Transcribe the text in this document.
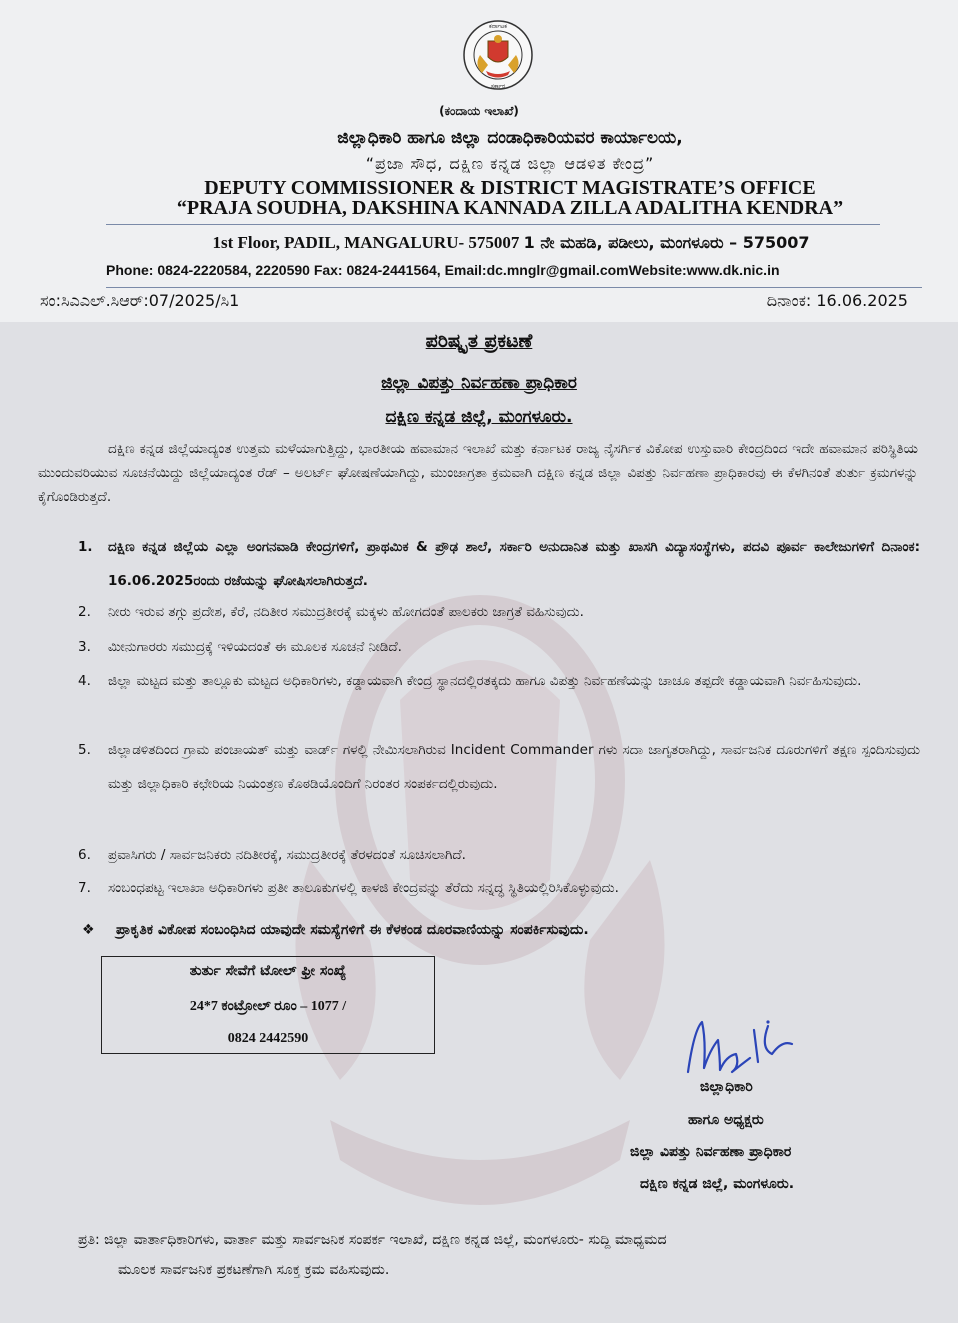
ಕರ್ನಾಟಕ
ಸರ್ಕಾರ
(ಕಂದಾಯ ಇಲಾಖೆ)
ಜಿಲ್ಲಾಧಿಕಾರಿ ಹಾಗೂ ಜಿಲ್ಲಾ ದಂಡಾಧಿಕಾರಿಯವರ ಕಾರ್ಯಾಲಯ,
“ಪ್ರಜಾ ಸೌಧ, ದಕ್ಷಿಣ ಕನ್ನಡ ಜಿಲ್ಲಾ ಆಡಳಿತ ಕೇಂದ್ರ”
DEPUTY COMMISSIONER & DISTRICT MAGISTRATE’S OFFICE
“PRAJA SOUDHA, DAKSHINA KANNADA ZILLA ADALITHA KENDRA”
1st Floor, PADIL, MANGALURU- 575007 1 ನೇ ಮಹಡಿ, ಪಡೀಲು, ಮಂಗಳೂರು – 575007
Phone: 0824-2220584, 2220590 Fax: 0824-2441564, Email:dc.mnglr@gmail.comWebsite:www.dk.nic.in
ಸಂ:ಸಿಎಎಲ್.ಸಿಆರ್:07/2025/ಸಿ1	ದಿನಾಂಕ: 16.06.2025
ಪರಿಷ್ಕೃತ ಪ್ರಕಟಣೆ
ಜಿಲ್ಲಾ ವಿಪತ್ತು ನಿರ್ವಹಣಾ ಪ್ರಾಧಿಕಾರ
ದಕ್ಷಿಣ ಕನ್ನಡ ಜಿಲ್ಲೆ, ಮಂಗಳೂರು.

ದಕ್ಷಿಣ ಕನ್ನಡ ಜಿಲ್ಲೆಯಾದ್ಯಂತ ಉತ್ತಮ ಮಳೆಯಾಗುತ್ತಿದ್ದು, ಭಾರತೀಯ ಹವಾಮಾನ ಇಲಾಖೆ ಮತ್ತು ಕರ್ನಾಟಕ ರಾಜ್ಯ ನೈಸರ್ಗಿಕ ವಿಕೋಪ ಉಸ್ತುವಾರಿ ಕೇಂದ್ರದಿಂದ ಇದೇ ಹವಾಮಾನ ಪರಿಸ್ಥಿತಿಯ ಮುಂದುವರಿಯುವ ಸೂಚನೆಯಿದ್ದು ಜಿಲ್ಲೆಯಾದ್ಯಂತ ರೆಡ್ – ಅಲರ್ಟ್ ಘೋಷಣೆಯಾಗಿದ್ದು, ಮುಂಜಾಗ್ರತಾ ಕ್ರಮವಾಗಿ ದಕ್ಷಿಣ ಕನ್ನಡ ಜಿಲ್ಲಾ ವಿಪತ್ತು ನಿರ್ವಹಣಾ ಪ್ರಾಧಿಕಾರವು ಈ ಕೆಳಗಿನಂತೆ ತುರ್ತು ಕ್ರಮಗಳನ್ನು ಕೈಗೊಂಡಿರುತ್ತದೆ.

1. ದಕ್ಷಿಣ ಕನ್ನಡ ಜಿಲ್ಲೆಯ ಎಲ್ಲಾ ಅಂಗನವಾಡಿ ಕೇಂದ್ರಗಳಿಗೆ, ಪ್ರಾಥಮಿಕ & ಪ್ರೌಢ ಶಾಲೆ, ಸರ್ಕಾರಿ ಅನುದಾನಿತ ಮತ್ತು ಖಾಸಗಿ ವಿದ್ಯಾಸಂಸ್ಥೆಗಳು, ಪದವಿ ಪೂರ್ವ ಕಾಲೇಜುಗಳಿಗೆ ದಿನಾಂಕ: 16.06.2025ರಂದು ರಜೆಯನ್ನು ಘೋಷಿಸಲಾಗಿರುತ್ತದೆ.
2. ನೀರು ಇರುವ ತಗ್ಗು ಪ್ರದೇಶ, ಕೆರೆ, ನದಿತೀರ ಸಮುದ್ರತೀರಕ್ಕೆ ಮಕ್ಕಳು ಹೋಗದಂತೆ ಪಾಲಕರು ಜಾಗ್ರತೆ ವಹಿಸುವುದು.
3. ಮೀನುಗಾರರು ಸಮುದ್ರಕ್ಕೆ ಇಳಿಯದಂತೆ ಈ ಮೂಲಕ ಸೂಚನೆ ನೀಡಿದೆ.
4. ಜಿಲ್ಲಾ ಮಟ್ಟದ ಮತ್ತು ತಾಲ್ಲೂಕು ಮಟ್ಟದ ಅಧಿಕಾರಿಗಳು, ಕಡ್ಡಾಯವಾಗಿ ಕೇಂದ್ರ ಸ್ಥಾನದಲ್ಲಿರತಕ್ಕದು ಹಾಗೂ ವಿಪತ್ತು ನಿರ್ವಹಣೆಯನ್ನು ಚಾಚೂ ತಪ್ಪದೇ ಕಡ್ಡಾಯವಾಗಿ ನಿರ್ವಹಿಸುವುದು.
5. ಜಿಲ್ಲಾಡಳಿತದಿಂದ ಗ್ರಾಮ ಪಂಚಾಯತ್ ಮತ್ತು ವಾರ್ಡ್ ಗಳಲ್ಲಿ ನೇಮಿಸಲಾಗಿರುವ Incident Commander ಗಳು ಸದಾ ಜಾಗೃತರಾಗಿದ್ದು, ಸಾರ್ವಜನಿಕ ದೂರುಗಳಿಗೆ ತಕ್ಷಣ ಸ್ಪಂದಿಸುವುದು ಮತ್ತು ಜಿಲ್ಲಾಧಿಕಾರಿ ಕಛೇರಿಯ ನಿಯಂತ್ರಣ ಕೊಠಡಿಯೊಂದಿಗೆ ನಿರಂತರ ಸಂಪರ್ಕದಲ್ಲಿರುವುದು.
6. ಪ್ರವಾಸಿಗರು / ಸಾರ್ವಜನಿಕರು ನದಿತೀರಕ್ಕೆ, ಸಮುದ್ರತೀರಕ್ಕೆ ತೆರಳದಂತೆ ಸೂಚಿಸಲಾಗಿದೆ.
7. ಸಂಬಂಧಪಟ್ಟ ಇಲಾಖಾ ಅಧಿಕಾರಿಗಳು ಪ್ರತೀ ತಾಲೂಕುಗಳಲ್ಲಿ ಕಾಳಜಿ ಕೇಂದ್ರವನ್ನು ತೆರೆದು ಸನ್ನದ್ಧ ಸ್ಥಿತಿಯಲ್ಲಿರಿಸಿಕೊಳ್ಳುವುದು.
❖ ಪ್ರಾಕೃತಿಕ ವಿಕೋಪ ಸಂಬಂಧಿಸಿದ ಯಾವುದೇ ಸಮಸ್ಯೆಗಳಿಗೆ ಈ ಕೆಳಕಂಡ ದೂರವಾಣಿಯನ್ನು ಸಂಪರ್ಕಿಸುವುದು.
ತುರ್ತು ಸೇವೆಗೆ ಟೋಲ್ ಫ್ರೀ ಸಂಖ್ಯೆ
24*7 ಕಂಟ್ರೋಲ್ ರೂಂ – 1077 /
0824 2442590
ಜಿಲ್ಲಾಧಿಕಾರಿ
ಹಾಗೂ ಅಧ್ಯಕ್ಷರು
ಜಿಲ್ಲಾ ವಿಪತ್ತು ನಿರ್ವಹಣಾ ಪ್ರಾಧಿಕಾರ
ದಕ್ಷಿಣ ಕನ್ನಡ ಜಿಲ್ಲೆ, ಮಂಗಳೂರು.
ಪ್ರತಿ: ಜಿಲ್ಲಾ ವಾರ್ತಾಧಿಕಾರಿಗಳು, ವಾರ್ತಾ ಮತ್ತು ಸಾರ್ವಜನಿಕ ಸಂಪರ್ಕ ಇಲಾಖೆ, ದಕ್ಷಿಣ ಕನ್ನಡ ಜಿಲ್ಲೆ, ಮಂಗಳೂರು- ಸುದ್ದಿ ಮಾಧ್ಯಮದ
ಮೂಲಕ ಸಾರ್ವಜನಿಕ ಪ್ರಕಟಣೆಗಾಗಿ ಸೂಕ್ತ ಕ್ರಮ ವಹಿಸುವುದು.
